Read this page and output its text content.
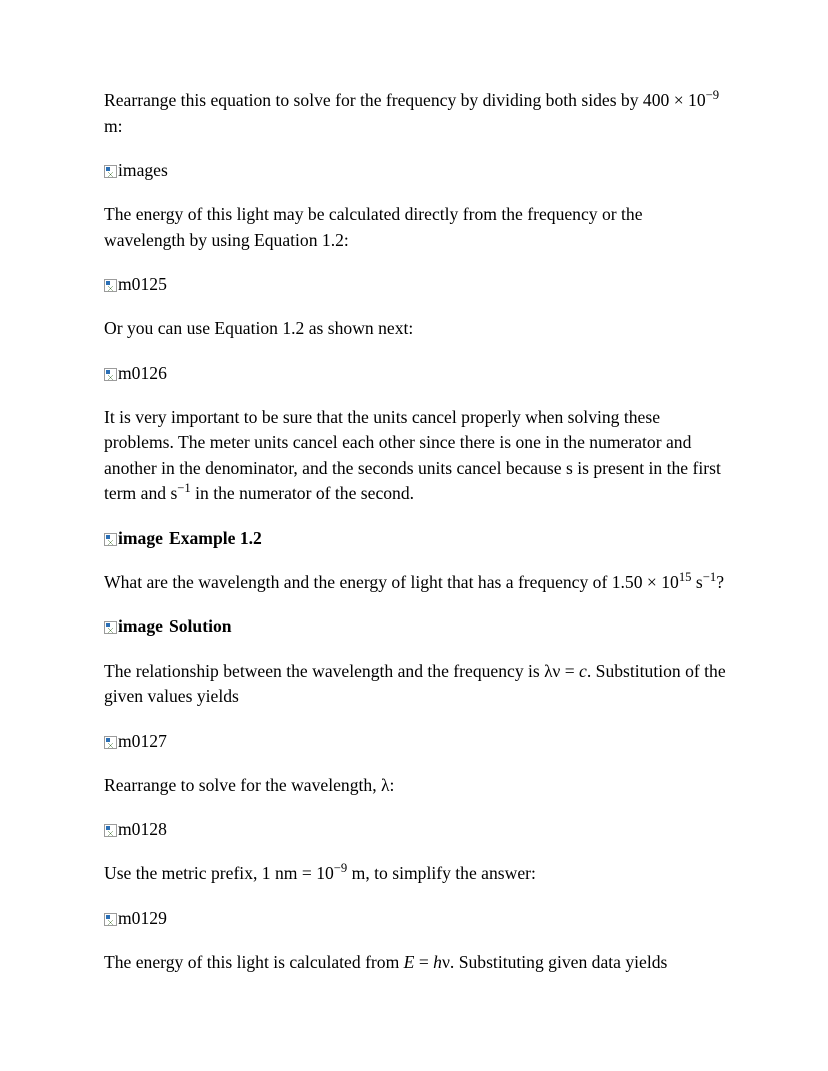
Rearrange this equation to solve for the frequency by dividing both sides by $400 \times 10^{-9}$ m:

images

The energy of this light may be calculated directly from the frequency or the wavelength by using Equation 1.2:

m0125

Or you can use Equation 1.2 as shown next:

m0126

It is very important to be sure that the units cancel properly when solving these problems. The meter units cancel each other since there is one in the numerator and another in the denominator, and the seconds units cancel because s is present in the first term and $s^{-1}$ in the numerator of the second.

image Example 1.2

What are the wavelength and the energy of light that has a frequency of $1.50 \times 10^{15}$ $s^{-1}$?

image Solution

The relationship between the wavelength and the frequency is λν = c. Substitution of the given values yields

m0127

Rearrange to solve for the wavelength, λ:

m0128

Use the metric prefix, 1 nm = $10^{-9}$ m, to simplify the answer:

m0129

The energy of this light is calculated from E = hν. Substituting given data yields
